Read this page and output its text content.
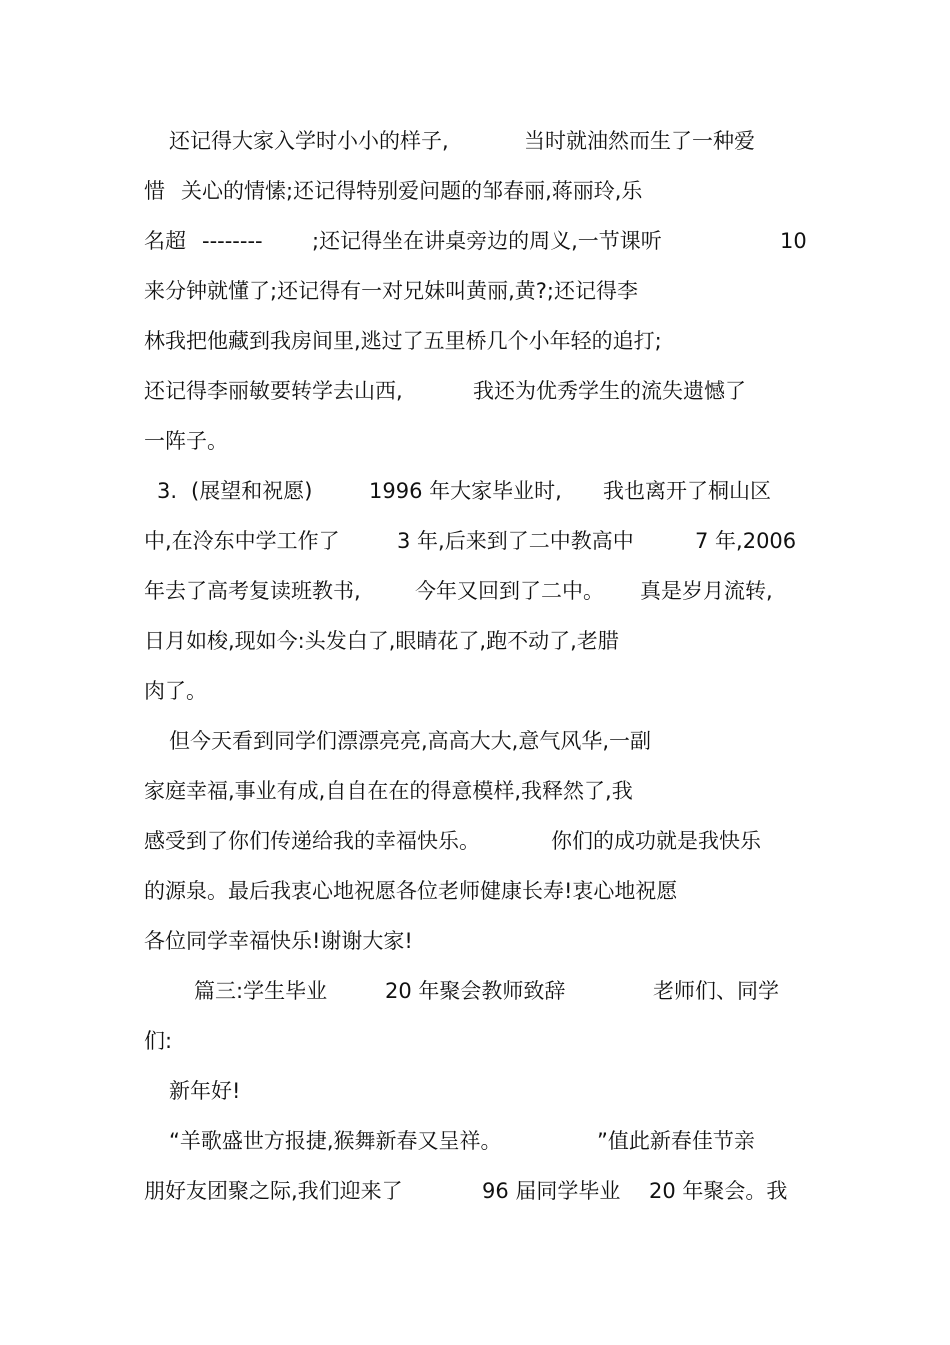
还记得大家入学时小小的样子,	当时就油然而生了一种爱
惜 关心的情愫;还记得特别爱问题的邹春丽,蒋丽玲,乐
名超 -------- ;还记得坐在讲桌旁边的周义,一节课听	10
来分钟就懂了;还记得有一对兄妹叫黄丽,黄?;还记得李
林我把他藏到我房间里,逃过了五里桥几个小年轻的追打;
还记得李丽敏要转学去山西,	我还为优秀学生的流失遗憾了
一阵子。
3. (展望和祝愿)	1996 年大家毕业时, 我也离开了桐山区
中,在泠东中学工作了	3 年,后来到了二中教高中	7 年,2006
年去了高考复读班教书,	今年又回到了二中。 真是岁月流转,
日月如梭,现如今:头发白了,眼睛花了,跑不动了,老腊
肉了。
但今天看到同学们漂漂亮亮,高高大大,意气风华,一副
家庭幸福,事业有成,自自在在的得意模样,我释然了,我
感受到了你们传递给我的幸福快乐。	你们的成功就是我快乐
的源泉。最后我衷心地祝愿各位老师健康长寿!衷心地祝愿
各位同学幸福快乐!谢谢大家!
篇三:学生毕业	20 年聚会教师致辞	老师们、同学
们:
新年好!
“羊歌盛世方报捷,猴舞新春又呈祥。	”值此新春佳节亲
朋好友团聚之际,我们迎来了	96 届同学毕业 20 年聚会。我
